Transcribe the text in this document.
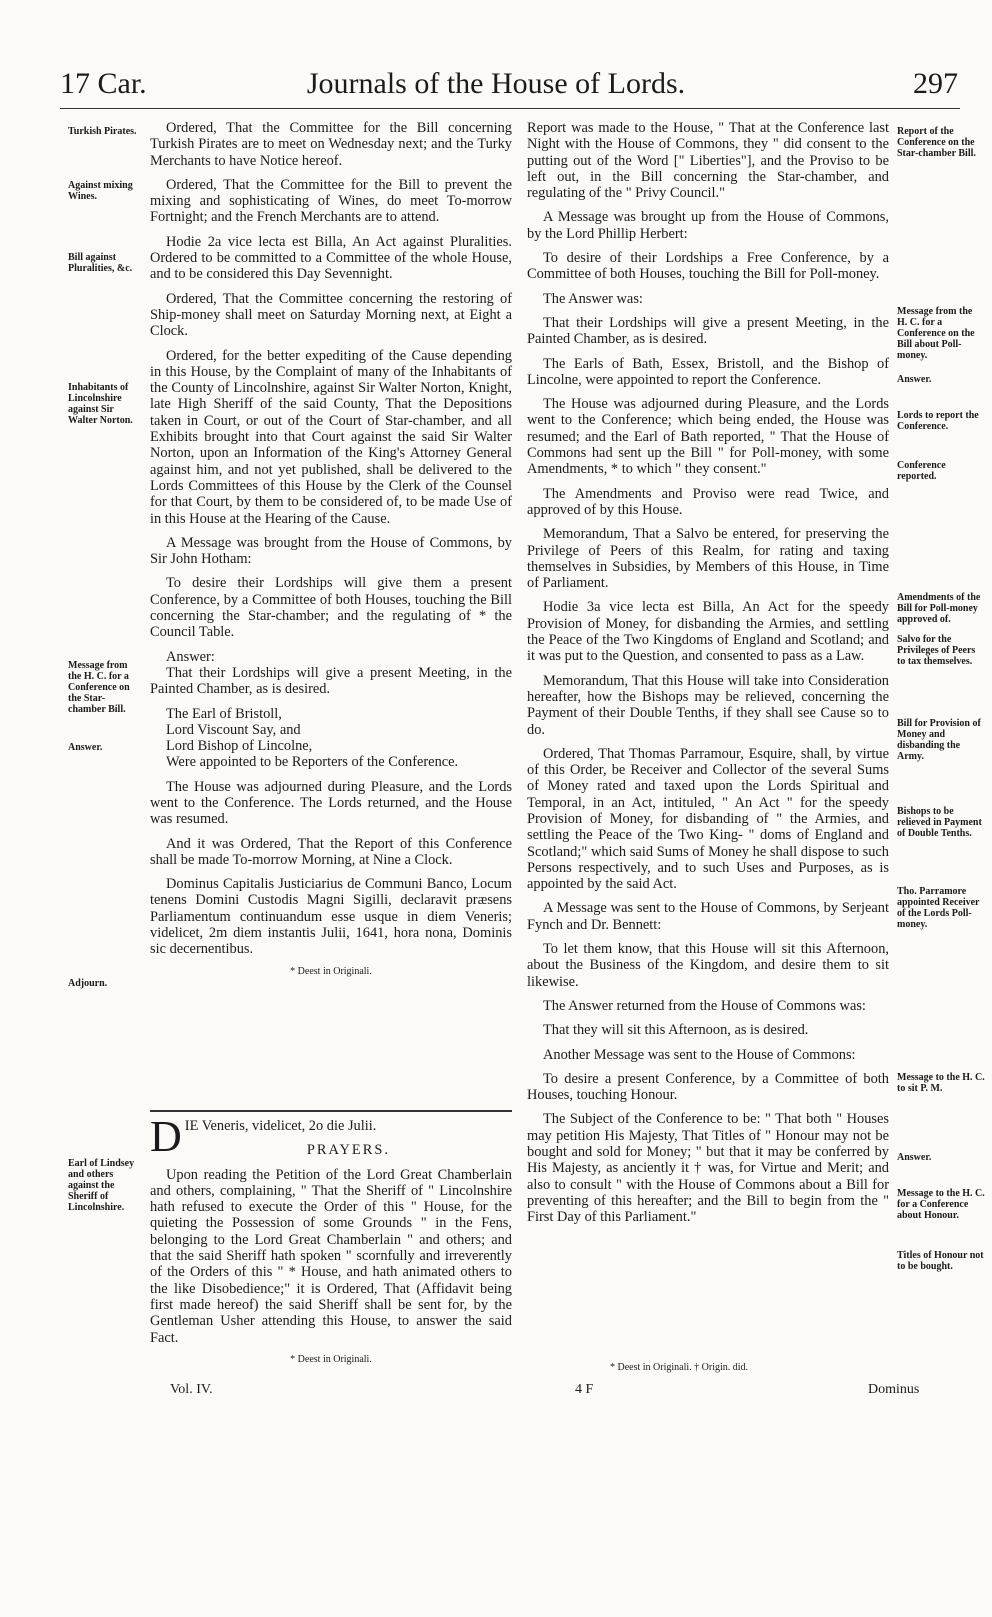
17 Car.	Journals of the House of Lords.	297

Ordered, That the Committee for the Bill concerning Turkish Pirates are to meet on Wednesday next; and the Turky Merchants to have Notice hereof.

Ordered, That the Committee for the Bill to prevent the mixing and sophisticating of Wines, do meet To-morrow Fortnight; and the French Merchants are to attend.

Hodie 2a vice lecta est Billa, An Act against Pluralities. Ordered to be committed to a Committee of the whole House, and to be considered this Day Sevennight.

Ordered, That the Committee concerning the restoring of Ship-money shall meet on Saturday Morning next, at Eight a Clock.

Ordered, for the better expediting of the Cause depending in this House, by the Complaint of many of the Inhabitants of the County of Lincolnshire, against Sir Walter Norton, Knight, late High Sheriff of the said County, That the Depositions taken in Court, or out of the Court of Star-chamber, and all Exhibits brought into that Court against the said Sir Walter Norton, upon an Information of the King's Attorney General against him, and not yet published, shall be delivered to the Lords Committees of this House by the Clerk of the Counsel for that Court, by them to be considered of, to be made Use of in this House at the Hearing of the Cause.

A Message was brought from the House of Commons, by Sir John Hotham:

To desire their Lordships will give them a present Conference, by a Committee of both Houses, touching the Bill concerning the Star-chamber; and the regulating of * the Council Table.

Answer:

That their Lordships will give a present Meeting, in the Painted Chamber, as is desired.

The Earl of Bristoll,

Lord Viscount Say, and

Lord Bishop of Lincolne,

Were appointed to be Reporters of the Conference.

The House was adjourned during Pleasure, and the Lords went to the Conference. The Lords returned, and the House was resumed.

And it was Ordered, That the Report of this Conference shall be made To-morrow Morning, at Nine a Clock.

Dominus Capitalis Justiciarius de Communi Banco, Locum tenens Domini Custodis Magni Sigilli, declaravit præsens Parliamentum continuandum esse usque in diem Veneris; videlicet, 2m diem instantis Julii, 1641, hora nona, Dominis sic decernentibus.

* Deest in Originali.

DIE Veneris, videlicet, 2o die Julii.

PRAYERS.

Upon reading the Petition of the Lord Great Chamberlain and others, complaining, " That the Sheriff of " Lincolnshire hath refused to execute the Order of this " House, for the quieting the Possession of some Grounds " in the Fens, belonging to the Lord Great Chamberlain " and others; and that the said Sheriff hath spoken " scornfully and irreverently of the Orders of this " * House, and hath animated others to the like Disobedience;" it is Ordered, That (Affidavit being first made hereof) the said Sheriff shall be sent for, by the Gentleman Usher attending this House, to answer the said Fact.

* Deest in Originali.

Report was made to the House, " That at the Conference last Night with the House of Commons, they " did consent to the putting out of the Word [" Liberties"], and the Proviso to be left out, in the Bill concerning the Star-chamber, and regulating of the " Privy Council."

A Message was brought up from the House of Commons, by the Lord Phillip Herbert:

To desire of their Lordships a Free Conference, by a Committee of both Houses, touching the Bill for Poll-money.

The Answer was:

That their Lordships will give a present Meeting, in the Painted Chamber, as is desired.

The Earls of Bath, Essex, Bristoll, and the Bishop of Lincolne, were appointed to report the Conference.

The House was adjourned during Pleasure, and the Lords went to the Conference; which being ended, the House was resumed; and the Earl of Bath reported, " That the House of Commons had sent up the Bill " for Poll-money, with some Amendments, * to which " they consent."

The Amendments and Proviso were read Twice, and approved of by this House.

Memorandum, That a Salvo be entered, for preserving the Privilege of Peers of this Realm, for rating and taxing themselves in Subsidies, by Members of this House, in Time of Parliament.

Hodie 3a vice lecta est Billa, An Act for the speedy Provision of Money, for disbanding the Armies, and settling the Peace of the Two Kingdoms of England and Scotland; and it was put to the Question, and consented to pass as a Law.

Memorandum, That this House will take into Consideration hereafter, how the Bishops may be relieved, concerning the Payment of their Double Tenths, if they shall see Cause so to do.

Ordered, That Thomas Parramour, Esquire, shall, by virtue of this Order, be Receiver and Collector of the several Sums of Money rated and taxed upon the Lords Spiritual and Temporal, in an Act, intituled, " An Act " for the speedy Provision of Money, for disbanding of " the Armies, and settling the Peace of the Two King- " doms of England and Scotland;" which said Sums of Money he shall dispose to such Persons respectively, and to such Uses and Purposes, as is appointed by the said Act.

A Message was sent to the House of Commons, by Serjeant Fynch and Dr. Bennett:

To let them know, that this House will sit this Afternoon, about the Business of the Kingdom, and desire them to sit likewise.

The Answer returned from the House of Commons was:

That they will sit this Afternoon, as is desired.

Another Message was sent to the House of Commons:

To desire a present Conference, by a Committee of both Houses, touching Honour.

The Subject of the Conference to be: " That both " Houses may petition His Majesty, That Titles of " Honour may not be bought and sold for Money; " but that it may be conferred by His Majesty, as anciently it † was, for Virtue and Merit; and also to consult " with the House of Commons about a Bill for preventing of this hereafter; and the Bill to begin from the " First Day of this Parliament."

Turkish Pirates.
Against mixing Wines.
Bill against Pluralities, &c.
Inhabitants of Lincolnshire against Sir Walter Norton.
Message from the H. C. for a Conference on the Star-chamber Bill.
Answer.
Adjourn.
Earl of Lindsey and others against the Sheriff of Lincolnshire.
Report of the Conference on the Star-chamber Bill.
Message from the H. C. for a Conference on the Bill about Poll-money.
Answer.
Lords to report the Conference.
Conference reported.
Amendments of the Bill for Poll-money approved of.
Salvo for the Privileges of Peers to tax themselves.
Bill for Provision of Money and disbanding the Army.
Bishops to be relieved in Payment of Double Tenths.
Tho. Parramore appointed Receiver of the Lords Poll-money.
Message to the H. C. to sit P. M.
Answer.
Message to the H. C. for a Conference about Honour.
Titles of Honour not to be bought.
Vol. IV.
* Deest in Originali. † Origin. did.
4 F	Dominus
